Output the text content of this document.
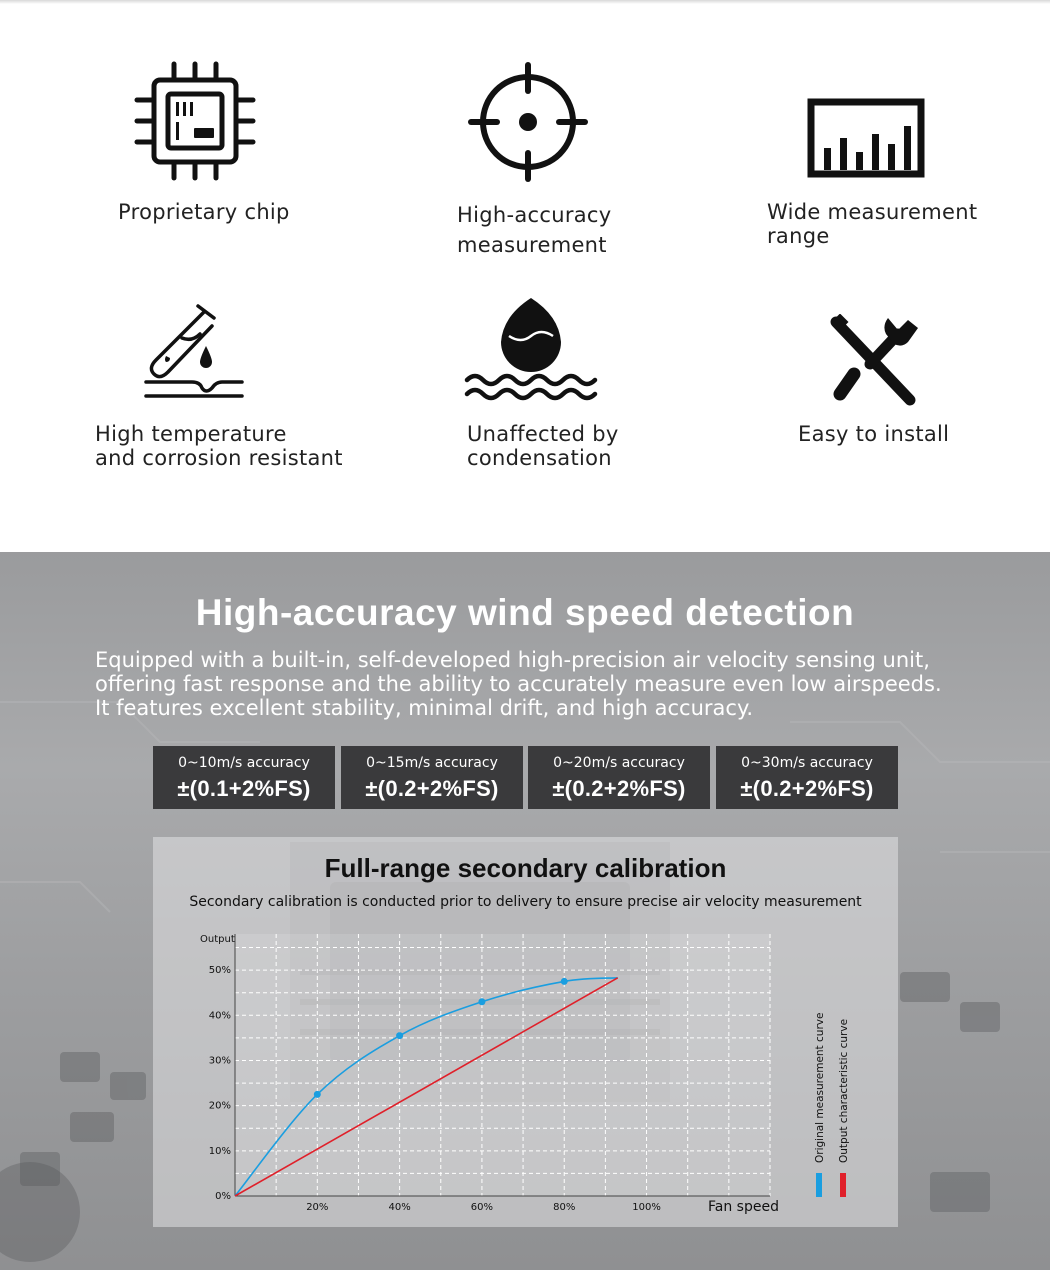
Proprietary chip	High-accuracy
measurement
Wide measurement
range
High temperature
and corrosion resistant
Unaffected by
condensation
Easy to install
High-accuracy wind speed detection
Equipped with a built-in, self-developed high-precision air velocity sensing unit,
offering fast response and the ability to accurately measure even low airspeeds.
It features excellent stability, minimal drift, and high accuracy.
0~10m/s accuracy
±(0.1+2%FS)
0~15m/s accuracy
±(0.2+2%FS)
0~20m/s accuracy
±(0.2+2%FS)
0~30m/s accuracy
±(0.2+2%FS)
Full-range secondary calibration
Secondary calibration is conducted prior to delivery to ensure precise air velocity measurement
Output
0%
10%
20%
30%
40%
50%
20%	40%	60%	80%	100%
Original measurement curve Output characteristic curve
Fan speed
